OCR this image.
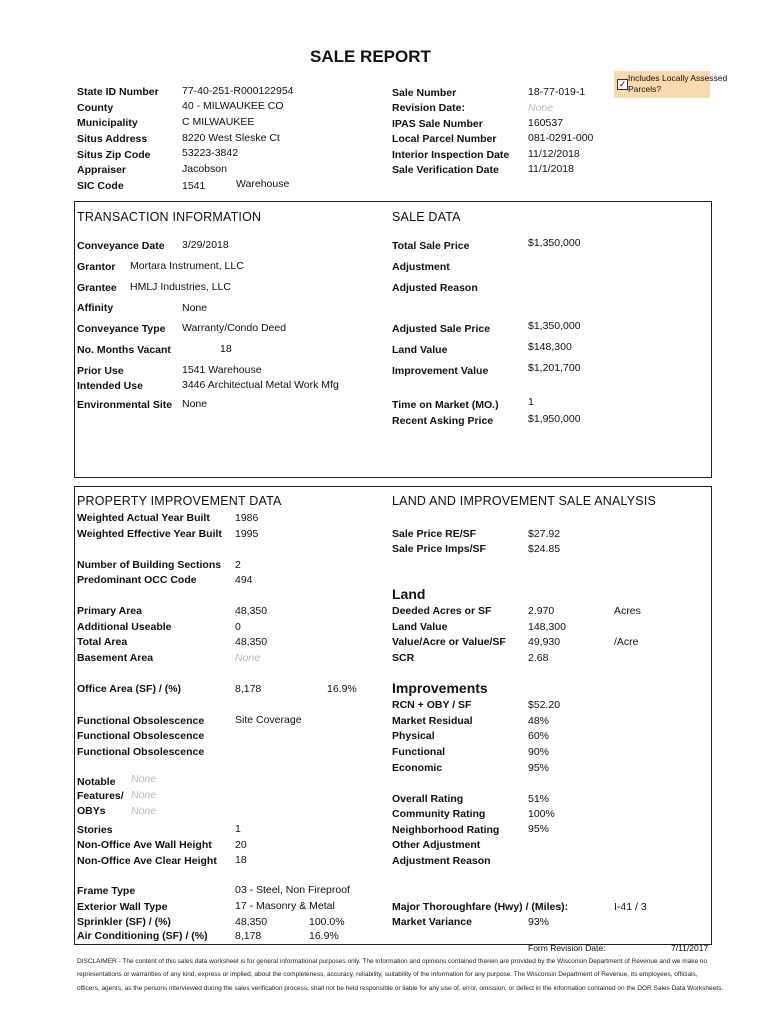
SALE REPORT
✓
Includes Locally Assessed
Parcels?
State ID Number 77-40-251-R000122954
County	40 - MILWAUKEE CO
Municipality	C MILWAUKEE
Situs Address	8220 West Sleske Ct
Situs Zip Code	53223-3842
Appraiser	Jacobson
SIC Code	1541	Warehouse
Sale Number	18-77-019-1
Revision Date:	None
IPAS Sale Number	160537
Local Parcel Number	081-0291-000
Interior Inspection Date 11/12/2018
Sale Verification Date	11/1/2018
TRANSACTION INFORMATION	SALE DATA
Conveyance Date 3/29/2018
Grantor Mortara Instrument, LLC
Grantee HMLJ Industries, LLC
Affinity	None
Conveyance Type Warranty/Condo Deed
No. Months Vacant	18
Prior Use	1541 Warehouse
Intended Use	3446 Architectual Metal Work Mfg
Environmental Site None
Total Sale Price	$1,350,000
Adjustment
Adjusted Reason
Adjusted Sale Price	$1,350,000
Land Value	$148,300
Improvement Value	$1,201,700
Time on Market (MO.)	1
Recent Asking Price	$1,950,000
PROPERTY IMPROVEMENT DATA	LAND AND IMPROVEMENT SALE ANALYSIS
Weighted Actual Year Built 1986
Weighted Effective Year Built 1995
Number of Building Sections 2
Predominant OCC Code	494
Primary Area	48,350
Additional Useable	0
Total Area	48,350
Basement Area	None
Office Area (SF) / (%)	8,178	16.9%
Functional Obsolescence	Site Coverage
Functional Obsolescence
Functional Obsolescence
Notable None
Features/ None
OBYs None
Stories	1
Non-Office Ave Wall Height 20
Non-Office Ave Clear Height 18
Frame Type	03 - Steel, Non Fireproof
Exterior Wall Type	17 - Masonry & Metal
Sprinkler (SF) / (%)	48,350	100.0%
Air Conditioning (SF) / (%)	8,178	16.9%
Sale Price RE/SF	$27.92
Sale Price Imps/SF	$24.85
Land
Deeded Acres or SF	2.970	Acres
Land Value	148,300
Value/Acre or Value/SF 49,930	/Acre
SCR	2.68
Improvements
RCN + OBY / SF	$52.20
Market Residual	48%
Physical	60%
Functional	90%
Economic	95%
Overall Rating	51%
Community Rating	100%
Neighborhood Rating	95%
Other Adjustment
Adjustment Reason
Major Thoroughfare (Hwy) / (Miles):	I-41 / 3
Market Variance	93%
Form Revision Date:	7/11/2017
DISCLAIMER - The content of this sales data worksheet is for general informational purposes only. The information and opinions contained therein are provided by the Wisconsin Department of Revenue and we make no
representations or warranties of any kind, express or implied, about the completeness, accuracy, reliability, suitability of the information for any purpose. The Wisconsin Department of Revenue, its employees, officials,
officers, agents, as the persons interviewed during the sales verification process, shall not be held responsible or liable for any use of, error, omission, or defect in the information contained on the DOR Sales Data Worksheets.
